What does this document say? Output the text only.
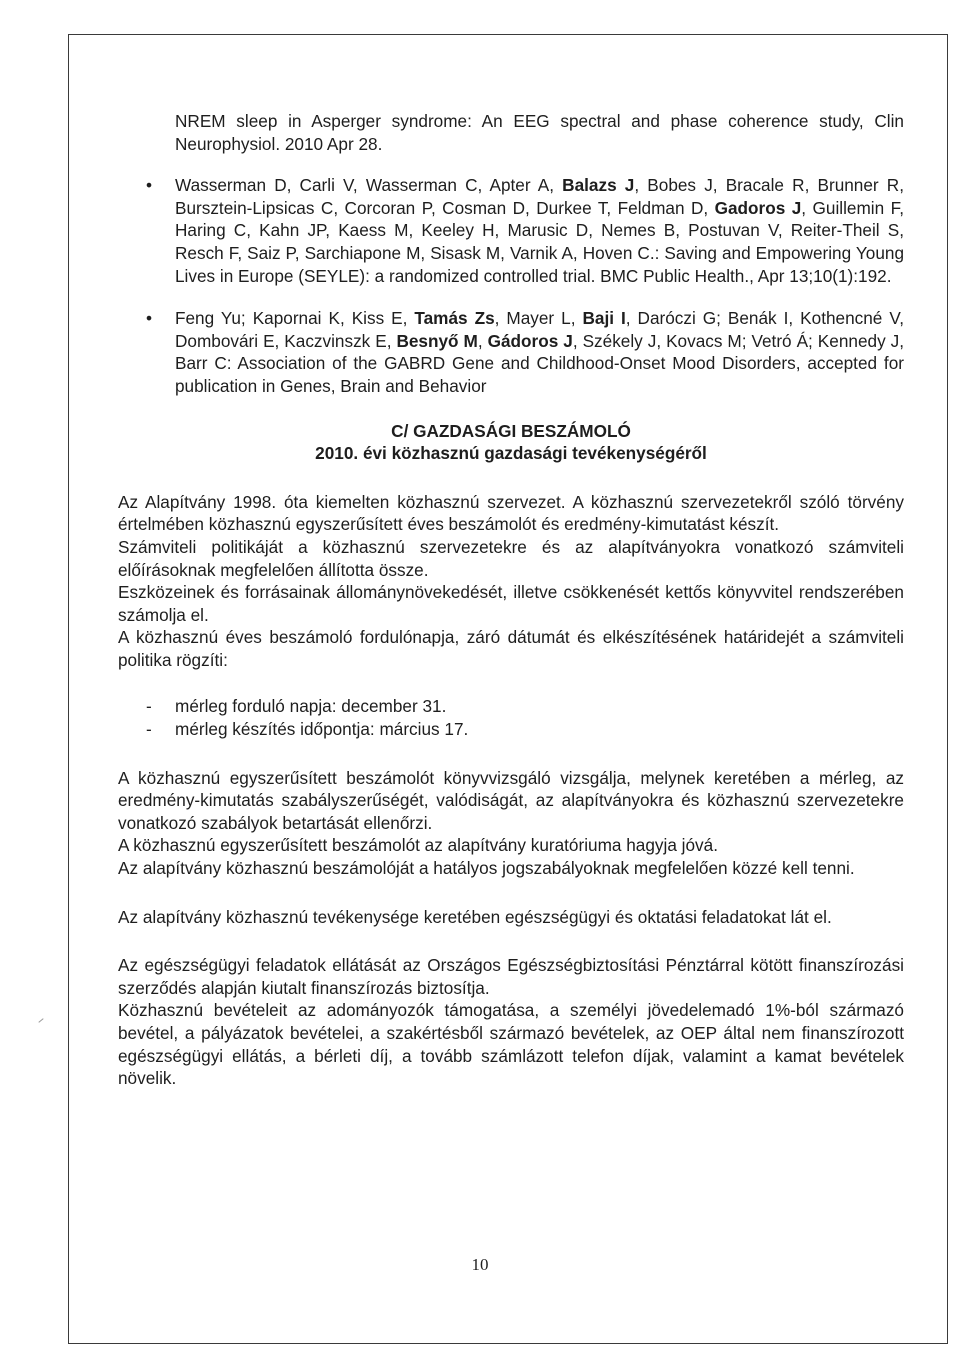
NREM sleep in Asperger syndrome: An EEG spectral and phase coherence study, Clin Neurophysiol. 2010 Apr 28.

• Wasserman D, Carli V, Wasserman C, Apter A, Balazs J, Bobes J, Bracale R, Brunner R, Bursztein-Lipsicas C, Corcoran P, Cosman D, Durkee T, Feldman D, Gadoros J, Guillemin F, Haring C, Kahn JP, Kaess M, Keeley H, Marusic D, Nemes B, Postuvan V, Reiter-Theil S, Resch F, Saiz P, Sarchiapone M, Sisask M, Varnik A, Hoven C.: Saving and Empowering Young Lives in Europe (SEYLE): a randomized controlled trial. BMC Public Health., Apr 13;10(1):192.
• Feng Yu; Kapornai K, Kiss E, Tamás Zs, Mayer L, Baji I, Daróczi G; Benák I, Kothencné V, Dombovári E, Kaczvinszk E, Besnyő M, Gádoros J, Székely J, Kovacs M; Vetró Á; Kennedy J, Barr C: Association of the GABRD Gene and Childhood-Onset Mood Disorders, accepted for publication in Genes, Brain and Behavior
C/ GAZDASÁGI BESZÁMOLÓ
2010. évi közhasznú gazdasági tevékenységéről

Az Alapítvány 1998. óta kiemelten közhasznú szervezet. A közhasznú szervezetekről szóló törvény értelmében közhasznú egyszerűsített éves beszámolót és eredmény-kimutatást készít.

Számviteli politikáját a közhasznú szervezetekre és az alapítványokra vonatkozó számviteli előírásoknak megfelelően állította össze.

Eszközeinek és forrásainak állománynövekedését, illetve csökkenését kettős könyvvitel rendszerében számolja el.

A közhasznú éves beszámoló fordulónapja, záró dátumát és elkészítésének határidejét a számviteli politika rögzíti:

- mérleg forduló napja: december 31.
- mérleg készítés időpontja: március 17.

A közhasznú egyszerűsített beszámolót könyvvizsgáló vizsgálja, melynek keretében a mérleg, az eredmény-kimutatás szabályszerűségét, valódiságát, az alapítványokra és közhasznú szervezetekre vonatkozó szabályok betartását ellenőrzi.

A közhasznú egyszerűsített beszámolót az alapítvány kuratóriuma hagyja jóvá.

Az alapítvány közhasznú beszámolóját a hatályos jogszabályoknak megfelelően közzé kell tenni.

Az alapítvány közhasznú tevékenysége keretében egészségügyi és oktatási feladatokat lát el.

Az egészségügyi feladatok ellátását az Országos Egészségbiztosítási Pénztárral kötött finanszírozási szerződés alapján kiutalt finanszírozás biztosítja.

Közhasznú bevételeit az adományozók támogatása, a személyi jövedelemadó 1%-ból származó bevétel, a pályázatok bevételei, a szakértésből származó bevételek, az OEP által nem finanszírozott egészségügyi ellátás, a bérleti díj, a tovább számlázott telefon díjak, valamint a kamat bevételek növelik.

10
